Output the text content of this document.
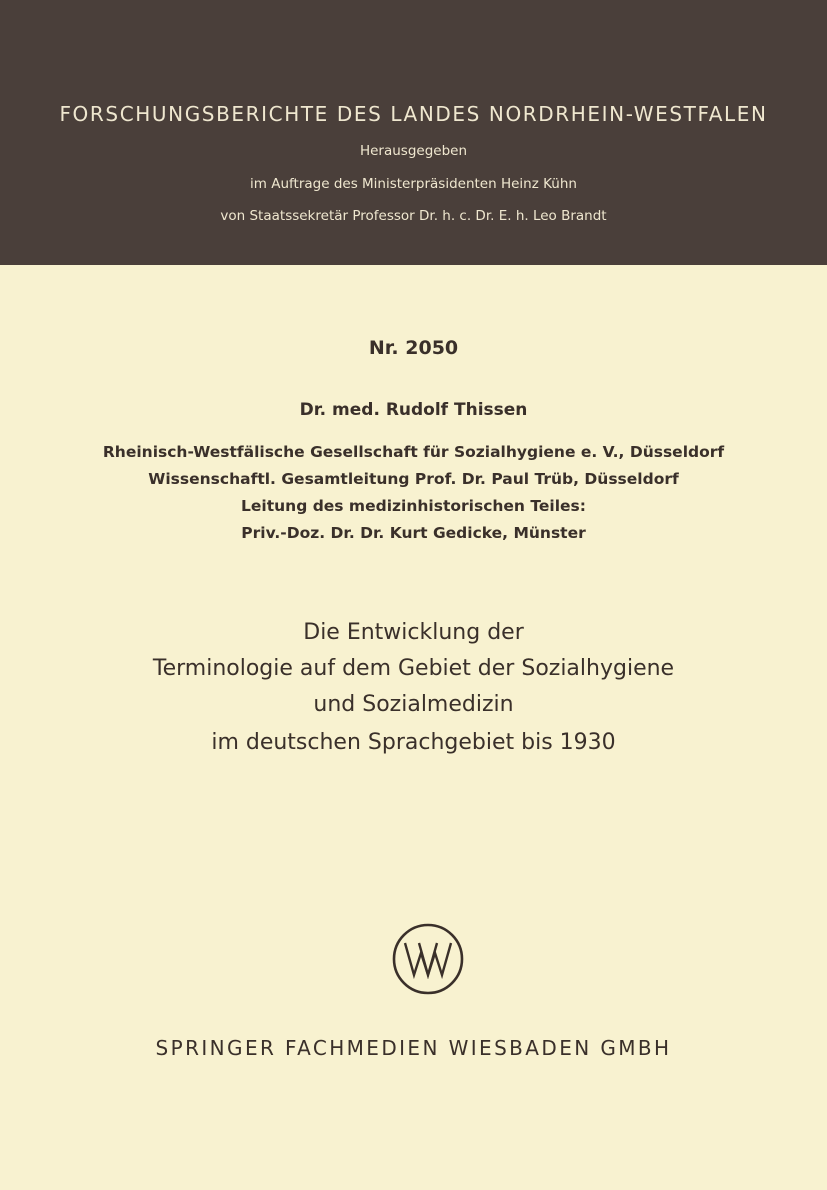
FORSCHUNGSBERICHTE DES LANDES NORDRHEIN-WESTFALEN
Herausgegeben
im Auftrage des Ministerpräsidenten Heinz Kühn
von Staatssekretär Professor Dr. h. c. Dr. E. h. Leo Brandt
Nr. 2050
Dr. med. Rudolf Thissen
Rheinisch-Westfälische Gesellschaft für Sozialhygiene e. V., Düsseldorf
Wissenschaftl. Gesamtleitung Prof. Dr. Paul Trüb, Düsseldorf
Leitung des medizinhistorischen Teiles:
Priv.-Doz. Dr. Dr. Kurt Gedicke, Münster
Die Entwicklung der
Terminologie auf dem Gebiet der Sozialhygiene
und Sozialmedizin
im deutschen Sprachgebiet bis 1930
SPRINGER FACHMEDIEN WIESBADEN GMBH
